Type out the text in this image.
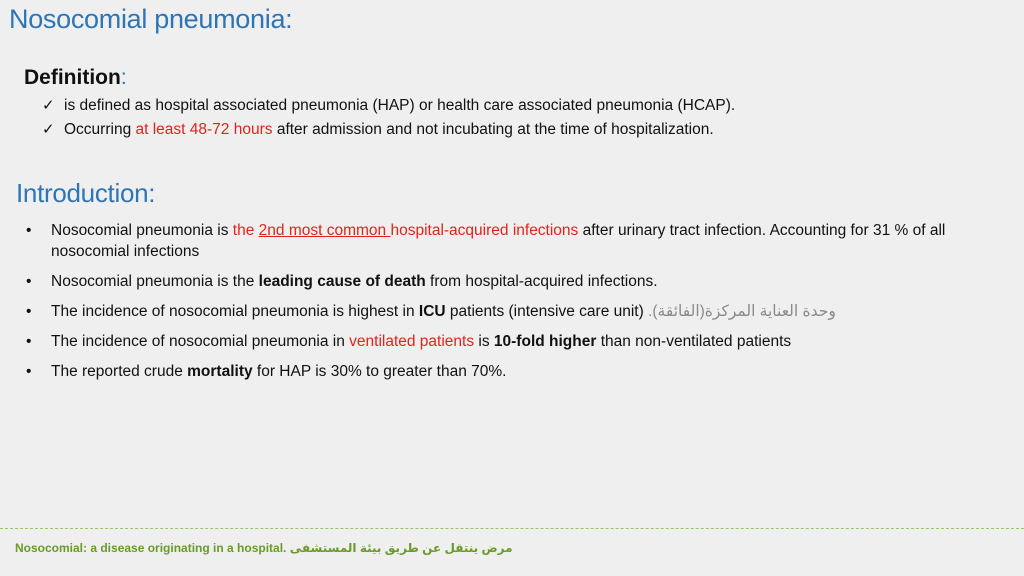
Nosocomial pneumonia:
Definition:
✓ is defined as hospital associated pneumonia (HAP) or health care associated pneumonia (HCAP).
✓ Occurring at least 48-72 hours after admission and not incubating at the time of hospitalization.
Introduction:
•	Nosocomial pneumonia is the 2nd most common hospital-acquired infections after urinary tract infection. Accounting for 31 % of all nosocomial infections
•	Nosocomial pneumonia is the leading cause of death from hospital-acquired infections.
•	The incidence of nosocomial pneumonia is highest in ICU patients (intensive care unit) وحدة العناية المركزة(الفائقة).
•	The incidence of nosocomial pneumonia in ventilated patients is 10-fold higher than non-ventilated patients
•	The reported crude mortality for HAP is 30% to greater than 70%.
Nosocomial: a disease originating in a hospital. مرض ينتقل عن طريق بيئة المستشفى
